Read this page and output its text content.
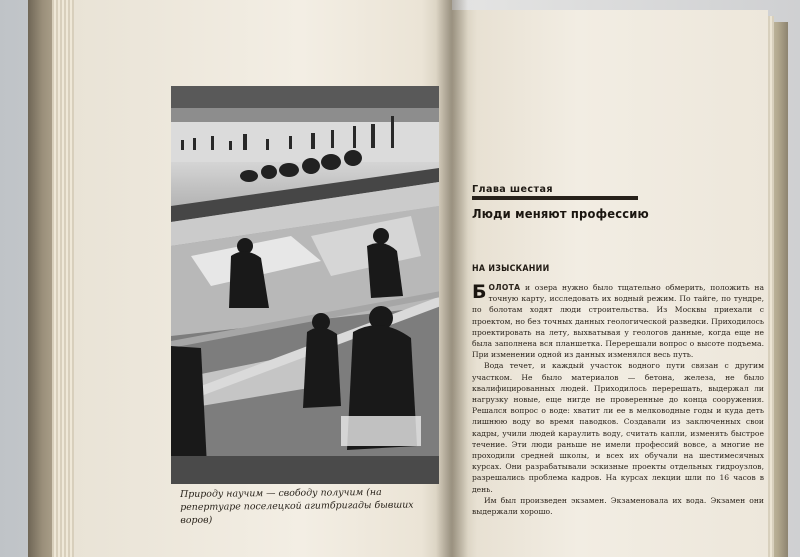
Природу научим — свободу получим (на репертуаре поселецкой агитбригады бывших воров)
Глава шестая
Люди меняют профессию
НА ИЗЫСКАНИИ

БОЛОТА и озера нужно было тщательно обмерить, положить на точную карту, исследовать их водный режим. По тайге, по тундре, по болотам ходят люди строительства. Из Москвы приехали с проектом, но без точных данных геологической разведки. Приходилось проектировать на лету, выхватывая у геологов данные, когда еще не была заполнена вся планшетка. Перерешали вопрос о высоте подъема. При изменении одной из данных изменялся весь путь.

Вода течет, и каждый участок водного пути связан с другим участком. Не было материалов — бетона, железа, не было квалифицированных людей. Приходилось перерешать, выдержал ли нагрузку новые, еще нигде не проверенные до конца сооружения. Решался вопрос о воде: хватит ли ее в мелководные годы и куда деть лишнюю воду во время паводков. Создавали из заключенных свои кадры, учили людей караулить воду, считать капли, изменять быстрое течение. Эти люди раньше не имели профессий вовсе, а многие не проходили средней школы, и всех их обучали на шестимесячных курсах. Они разрабатывали эскизные проекты отдельных гидроузлов, разрешались проблема кадров. На курсах лекции шли по 16 часов в день.

Им был произведен экзамен. Экзаменовала их вода. Экзамен они выдержали хорошо.
